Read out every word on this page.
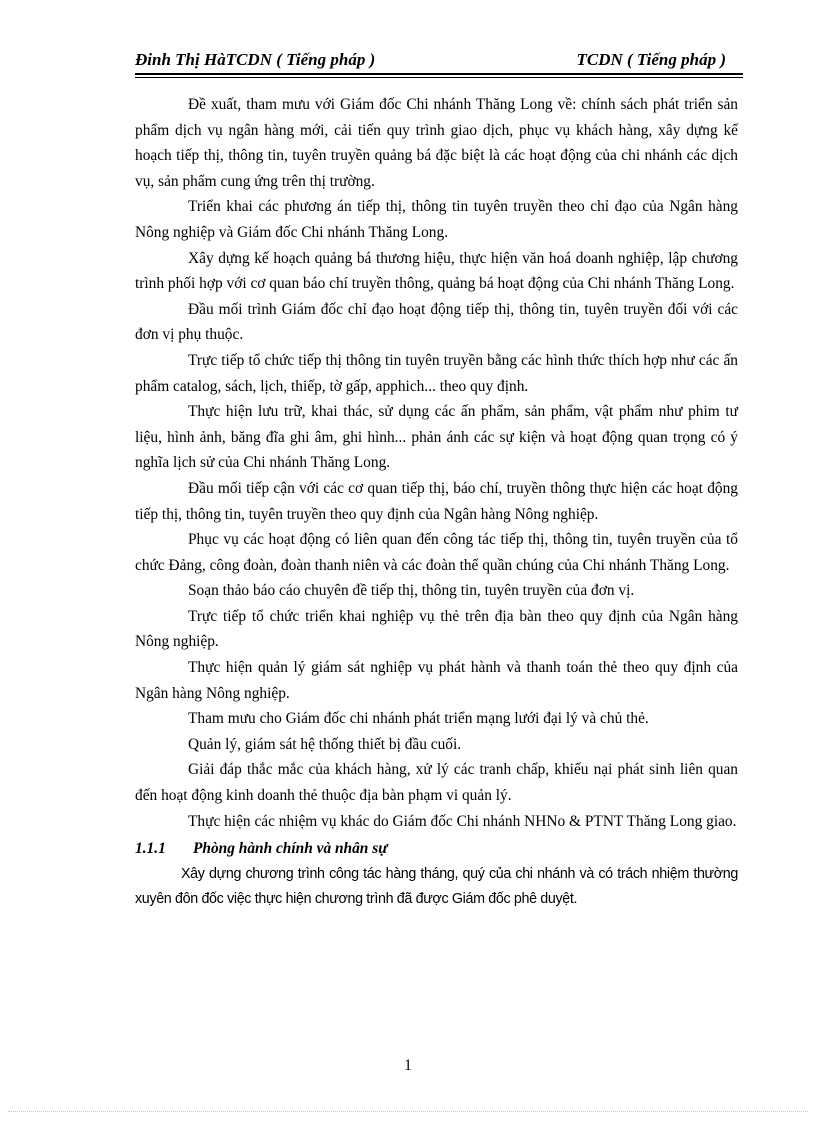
Đinh Thị HàTCDN ( Tiếng pháp )	TCDN ( Tiếng pháp )

Đề xuất, tham mưu với Giám đốc Chi nhánh Thăng Long về: chính sách phát triển sản phẩm dịch vụ ngân hàng mới, cải tiến quy trình giao dịch, phục vụ khách hàng, xây dựng kế hoạch tiếp thị, thông tin, tuyên truyền quảng bá đặc biệt là các hoạt động của chi nhánh các dịch vụ, sản phẩm cung ứng trên thị trường.

Triển khai các phương án tiếp thị, thông tin tuyên truyền theo chỉ đạo của Ngân hàng Nông nghiệp và Giám đốc Chi nhánh Thăng Long.

Xây dựng kế hoạch quảng bá thương hiệu, thực hiện văn hoá doanh nghiệp, lập chương trình phối hợp với cơ quan báo chí truyền thông, quảng bá hoạt động của Chi nhánh Thăng Long.

Đầu mối trình Giám đốc chỉ đạo hoạt động tiếp thị, thông tin, tuyên truyền đối với các đơn vị phụ thuộc.

Trực tiếp tổ chức tiếp thị thông tin tuyên truyền bằng các hình thức thích hợp như các ấn phẩm catalog, sách, lịch, thiếp, tờ gấp, apphich... theo quy định.

Thực hiện lưu trữ, khai thác, sử dụng các ấn phẩm, sản phẩm, vật phẩm như phim tư liệu, hình ảnh, băng đĩa ghi âm, ghi hình... phản ánh các sự kiện và hoạt động quan trọng có ý nghĩa lịch sử của Chi nhánh Thăng Long.

Đầu mối tiếp cận với các cơ quan tiếp thị, báo chí, truyền thông thực hiện các hoạt động tiếp thị, thông tin, tuyên truyền theo quy định của Ngân hàng Nông nghiệp.

Phục vụ các hoạt động có liên quan đến công tác tiếp thị, thông tin, tuyên truyền của tổ chức Đảng, công đoàn, đoàn thanh niên và các đoàn thể quần chúng của Chi nhánh Thăng Long.

Soạn thảo báo cáo chuyên đề tiếp thị, thông tin, tuyên truyền của đơn vị.

Trực tiếp tổ chức triển khai nghiệp vụ thẻ trên địa bàn theo quy định của Ngân hàng Nông nghiệp.

Thực hiện quản lý giám sát nghiệp vụ phát hành và thanh toán thẻ theo quy định của Ngân hàng Nông nghiệp.

Tham mưu cho Giám đốc chi nhánh phát triển mạng lưới đại lý và chủ thẻ.

Quản lý, giám sát hệ thống thiết bị đầu cuối.

Giải đáp thắc mắc của khách hàng, xử lý các tranh chấp, khiếu nại phát sinh liên quan đến hoạt động kinh doanh thẻ thuộc địa bàn phạm vi quản lý.

Thực hiện các nhiệm vụ khác do Giám đốc Chi nhánh NHNo & PTNT Thăng Long giao.

1.1.1 Phòng hành chính và nhân sự

Xây dựng chương trình công tác hàng tháng, quý của chi nhánh và có trách nhiệm thường xuyên đôn đốc việc thực hiện chương trình đã được Giám đốc phê duyệt.

1
